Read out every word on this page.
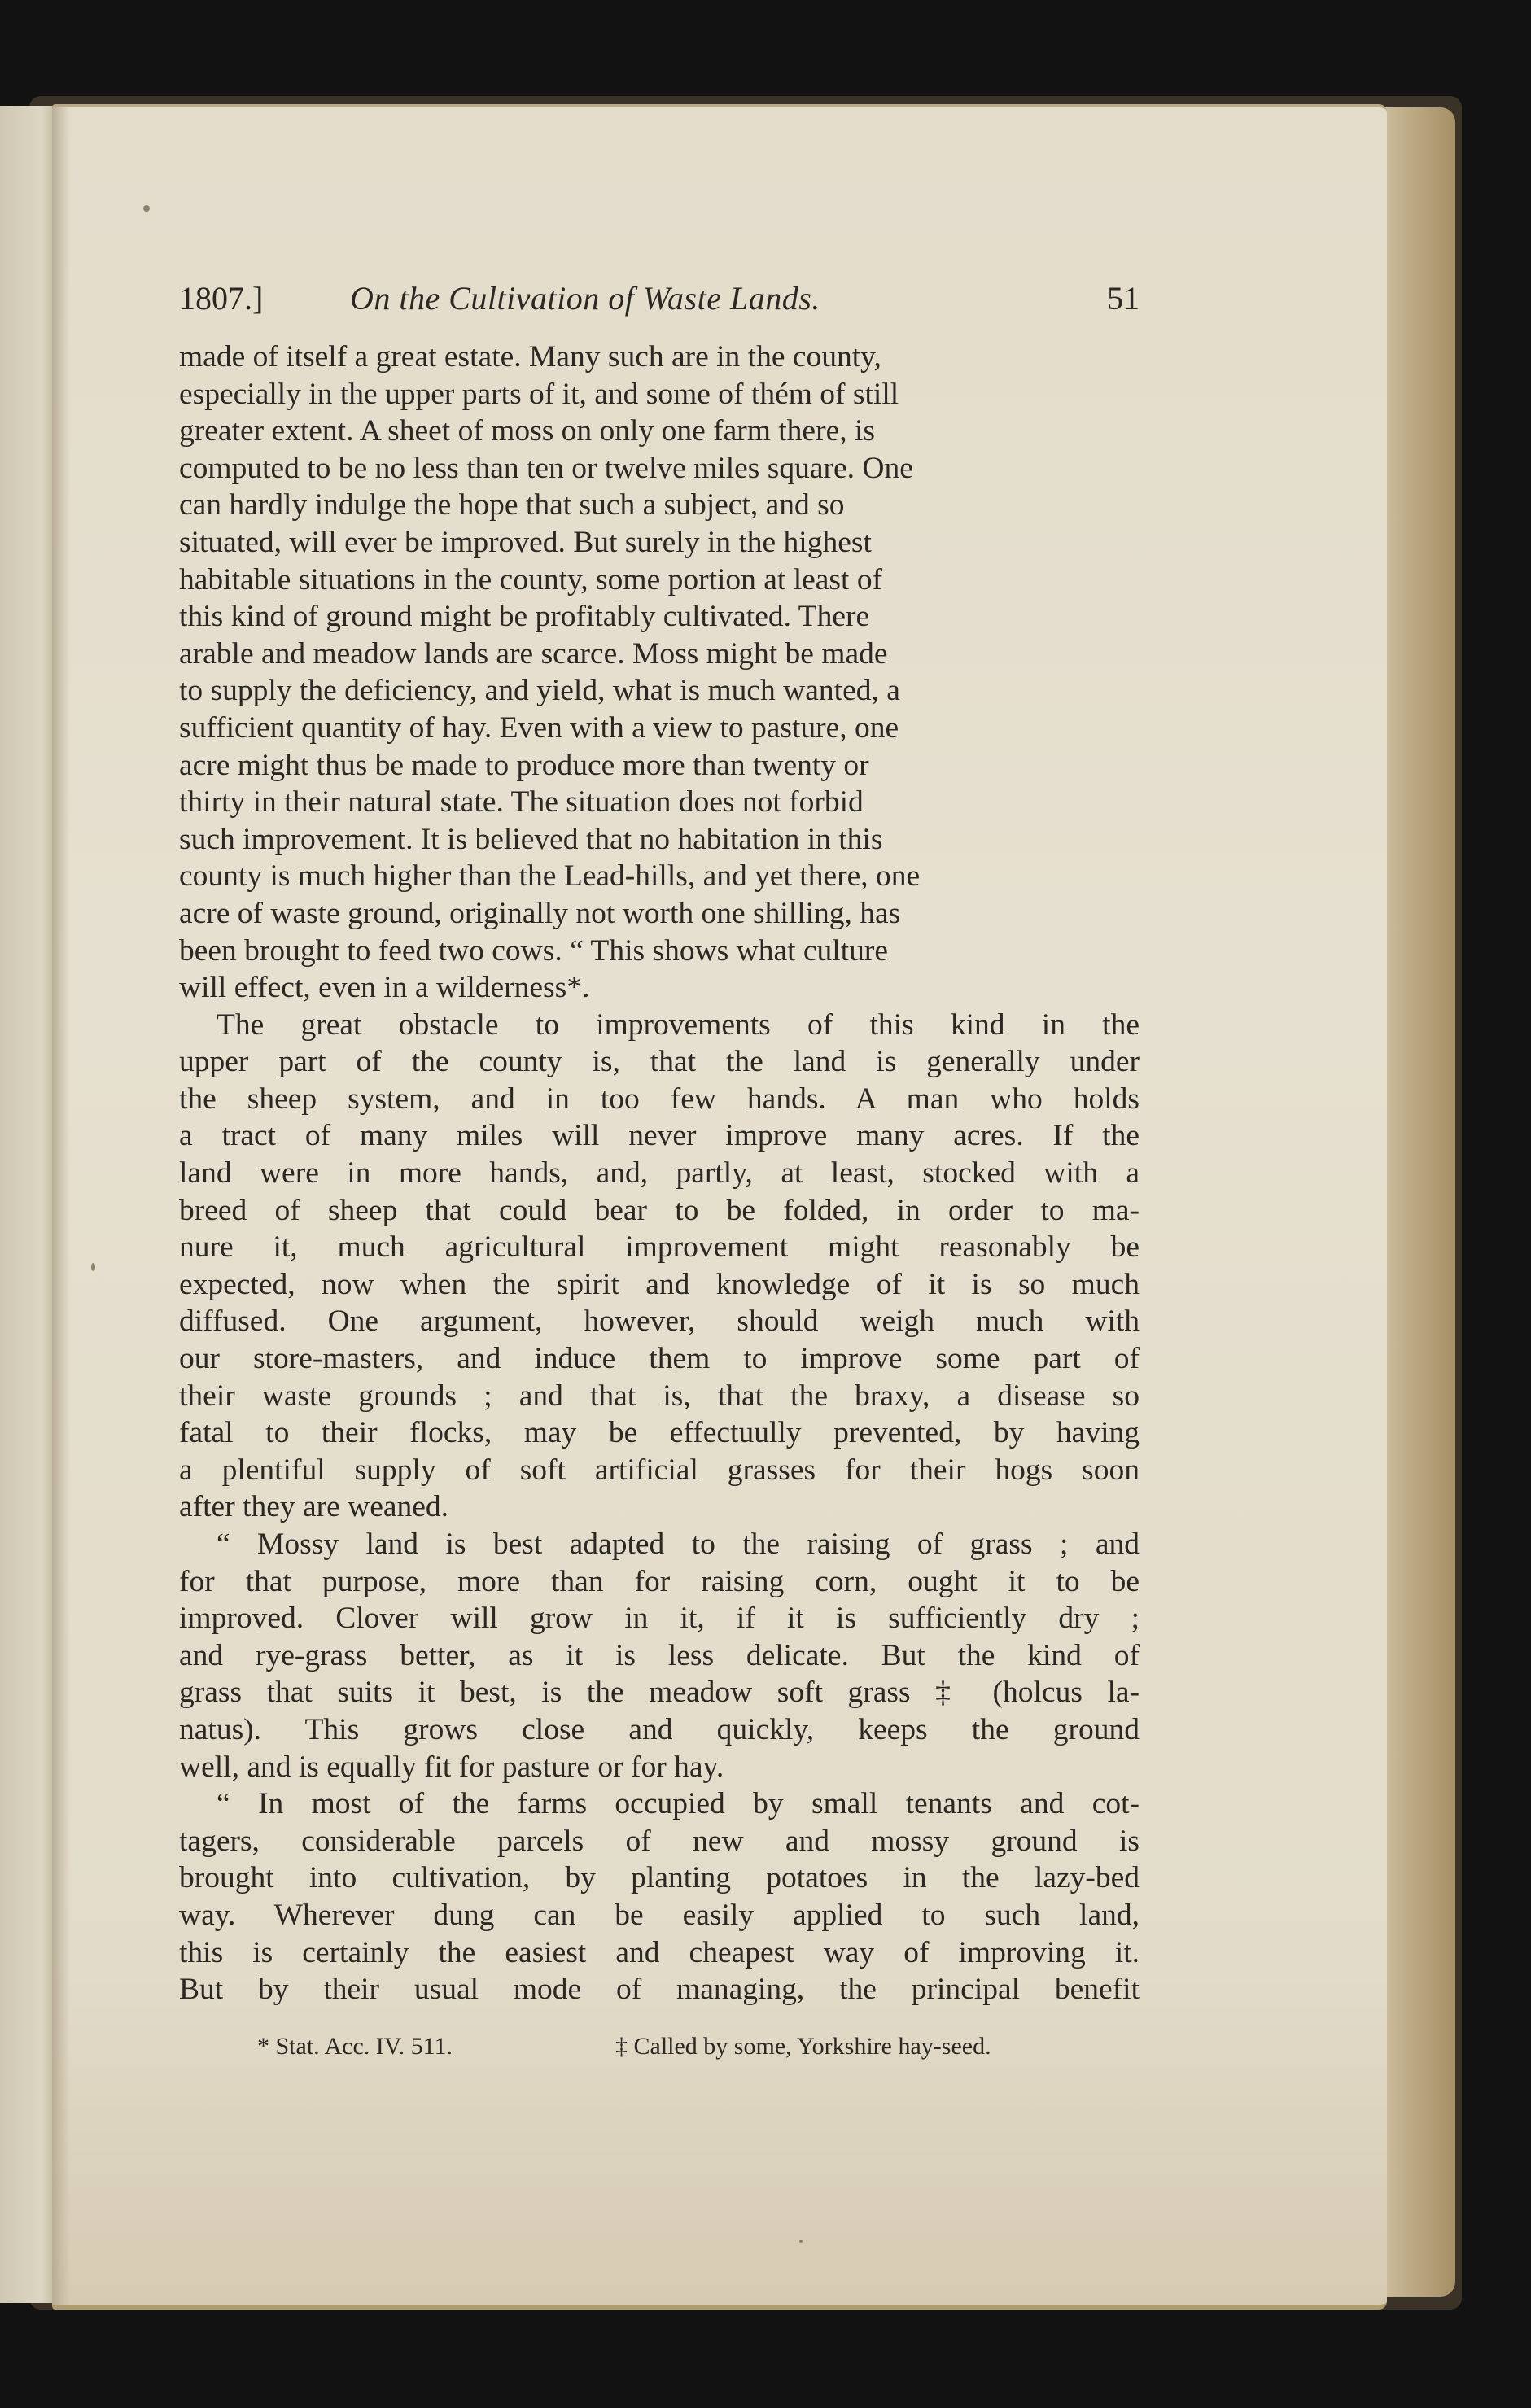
1807.]	On the Cultivation of Waste Lands.	51
made of itself a great estate. Many such are in the county,
especially in the upper parts of it, and some of thém of still
greater extent. A sheet of moss on only one farm there, is
computed to be no less than ten or twelve miles square. One
can hardly indulge the hope that such a subject, and so
situated, will ever be improved. But surely in the highest
habitable situations in the county, some portion at least of
this kind of ground might be profitably cultivated. There
arable and meadow lands are scarce. Moss might be made
to supply the deficiency, and yield, what is much wanted, a
sufficient quantity of hay. Even with a view to pasture, one
acre might thus be made to produce more than twenty or
thirty in their natural state. The situation does not forbid
such improvement. It is believed that no habitation in this
county is much higher than the Lead-hills, and yet there, one
acre of waste ground, originally not worth one shilling, has
been brought to feed two cows. “ This shows what culture
will effect, even in a wilderness*.
The great obstacle to improvements of this kind in the
upper part of the county is, that the land is generally under
the sheep system, and in too few hands. A man who holds
a tract of many miles will never improve many acres. If the
land were in more hands, and, partly, at least, stocked with a
breed of sheep that could bear to be folded, in order to ma-
nure it, much agricultural improvement might reasonably be
expected, now when the spirit and knowledge of it is so much
diffused. One argument, however, should weigh much with
our store-masters, and induce them to improve some part of
their waste grounds ; and that is, that the braxy, a disease so
fatal to their flocks, may be effectuully prevented, by having
a plentiful supply of soft artificial grasses for their hogs soon
after they are weaned.
“ Mossy land is best adapted to the raising of grass ; and
for that purpose, more than for raising corn, ought it to be
improved. Clover will grow in it, if it is sufficiently dry ;
and rye-grass better, as it is less delicate. But the kind of
grass that suits it best, is the meadow soft grass ‡ (holcus la-
natus). This grows close and quickly, keeps the ground
well, and is equally fit for pasture or for hay.
“ In most of the farms occupied by small tenants and cot-
tagers, considerable parcels of new and mossy ground is
brought into cultivation, by planting potatoes in the lazy-bed
way. Wherever dung can be easily applied to such land,
this is certainly the easiest and cheapest way of improving it.
But by their usual mode of managing, the principal benefit
* Stat. Acc. IV. 511.	‡ Called by some, Yorkshire hay-seed.
